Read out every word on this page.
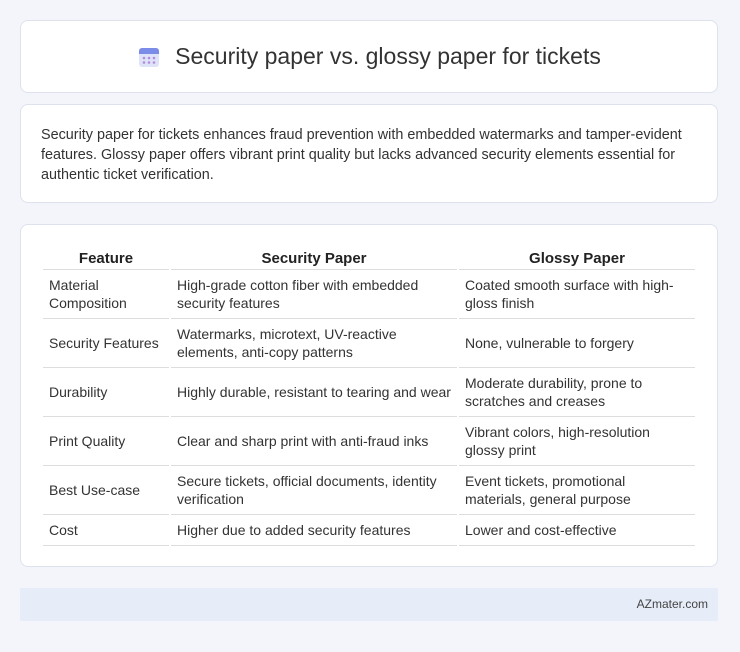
Security paper vs. glossy paper for tickets

Security paper for tickets enhances fraud prevention with embedded watermarks and tamper-evident features. Glossy paper offers vibrant print quality but lacks advanced security elements essential for authentic ticket verification.

Feature	Security Paper	Glossy Paper
Material Composition	High-grade cotton fiber with embedded security features	Coated smooth surface with high-gloss finish
Security Features	Watermarks, microtext, UV-reactive elements, anti-copy patterns	None, vulnerable to forgery
Durability	Highly durable, resistant to tearing and wear	Moderate durability, prone to scratches and creases
Print Quality	Clear and sharp print with anti-fraud inks	Vibrant colors, high-resolution glossy print
Best Use-case	Secure tickets, official documents, identity verification	Event tickets, promotional materials, general purpose
Cost	Higher due to added security features	Lower and cost-effective
AZmater.com
